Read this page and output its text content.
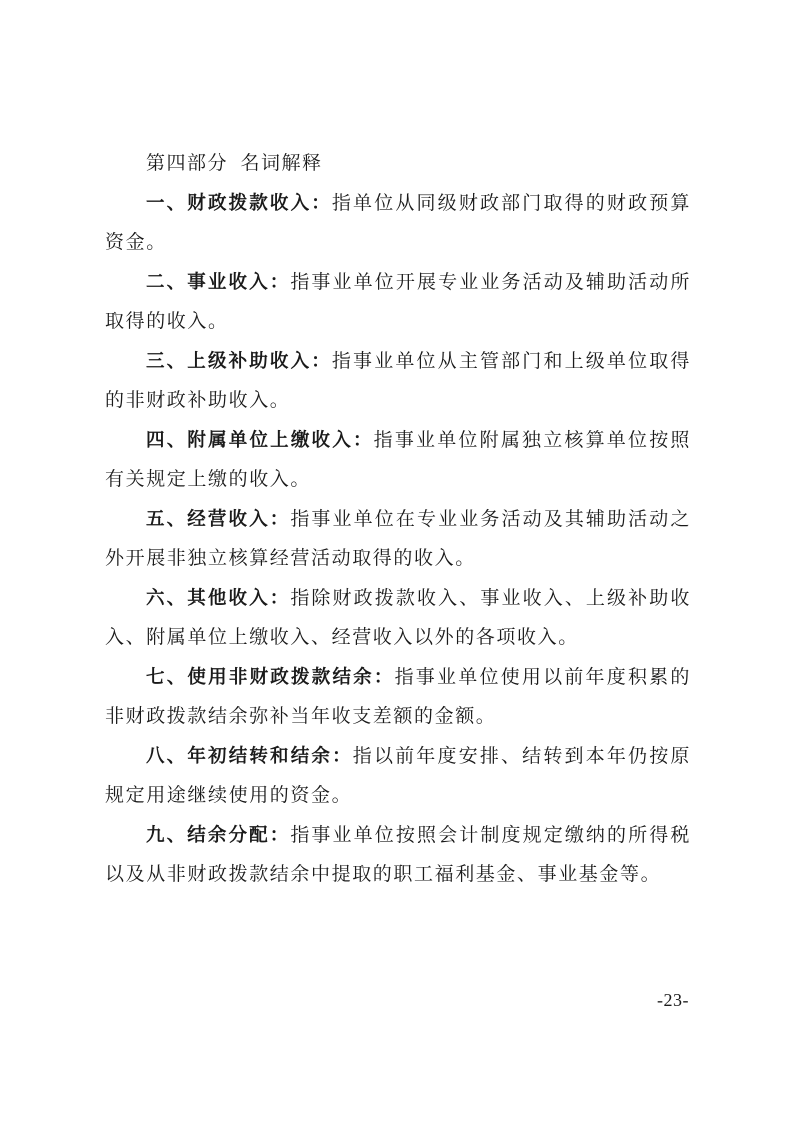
第四部分  名词解释

一、财政拨款收入：指单位从同级财政部门取得的财政预算资金。

二、事业收入：指事业单位开展专业业务活动及辅助活动所取得的收入。

三、上级补助收入：指事业单位从主管部门和上级单位取得的非财政补助收入。

四、附属单位上缴收入：指事业单位附属独立核算单位按照有关规定上缴的收入。

五、经营收入：指事业单位在专业业务活动及其辅助活动之外开展非独立核算经营活动取得的收入。

六、其他收入：指除财政拨款收入、事业收入、上级补助收入、附属单位上缴收入、经营收入以外的各项收入。

七、使用非财政拨款结余：指事业单位使用以前年度积累的非财政拨款结余弥补当年收支差额的金额。

八、年初结转和结余：指以前年度安排、结转到本年仍按原规定用途继续使用的资金。

九、结余分配：指事业单位按照会计制度规定缴纳的所得税以及从非财政拨款结余中提取的职工福利基金、事业基金等。

-23-
